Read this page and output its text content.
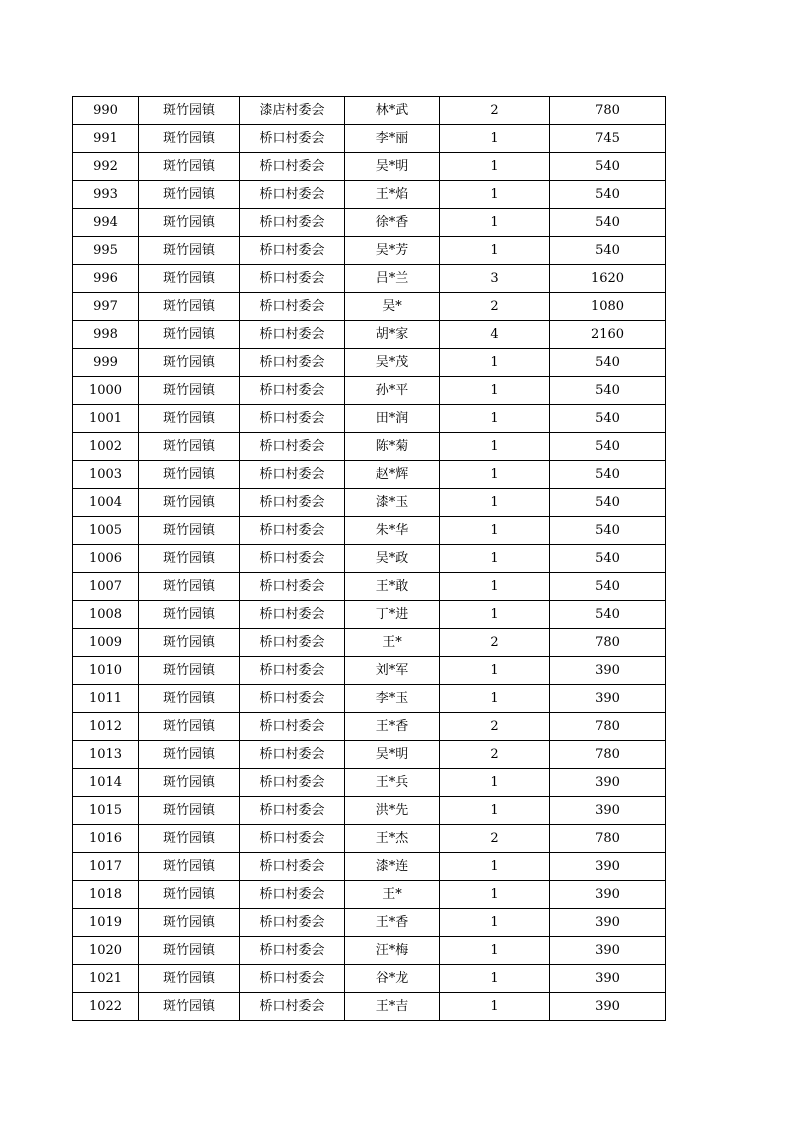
990	斑竹园镇	漆店村委会	林*武	2	780
991	斑竹园镇	桥口村委会	李*丽	1	745
992	斑竹园镇	桥口村委会	吴*明	1	540
993	斑竹园镇	桥口村委会	王*焰	1	540
994	斑竹园镇	桥口村委会	徐*香	1	540
995	斑竹园镇	桥口村委会	吴*芳	1	540
996	斑竹园镇	桥口村委会	吕*兰	3	1620
997	斑竹园镇	桥口村委会	吴*	2	1080
998	斑竹园镇	桥口村委会	胡*家	4	2160
999	斑竹园镇	桥口村委会	吴*茂	1	540
1000	斑竹园镇	桥口村委会	孙*平	1	540
1001	斑竹园镇	桥口村委会	田*润	1	540
1002	斑竹园镇	桥口村委会	陈*菊	1	540
1003	斑竹园镇	桥口村委会	赵*辉	1	540
1004	斑竹园镇	桥口村委会	漆*玉	1	540
1005	斑竹园镇	桥口村委会	朱*华	1	540
1006	斑竹园镇	桥口村委会	吴*政	1	540
1007	斑竹园镇	桥口村委会	王*敢	1	540
1008	斑竹园镇	桥口村委会	丁*进	1	540
1009	斑竹园镇	桥口村委会	王*	2	780
1010	斑竹园镇	桥口村委会	刘*军	1	390
1011	斑竹园镇	桥口村委会	李*玉	1	390
1012	斑竹园镇	桥口村委会	王*香	2	780
1013	斑竹园镇	桥口村委会	吴*明	2	780
1014	斑竹园镇	桥口村委会	王*兵	1	390
1015	斑竹园镇	桥口村委会	洪*先	1	390
1016	斑竹园镇	桥口村委会	王*杰	2	780
1017	斑竹园镇	桥口村委会	漆*连	1	390
1018	斑竹园镇	桥口村委会	王*	1	390
1019	斑竹园镇	桥口村委会	王*香	1	390
1020	斑竹园镇	桥口村委会	汪*梅	1	390
1021	斑竹园镇	桥口村委会	谷*龙	1	390
1022	斑竹园镇	桥口村委会	王*吉	1	390
